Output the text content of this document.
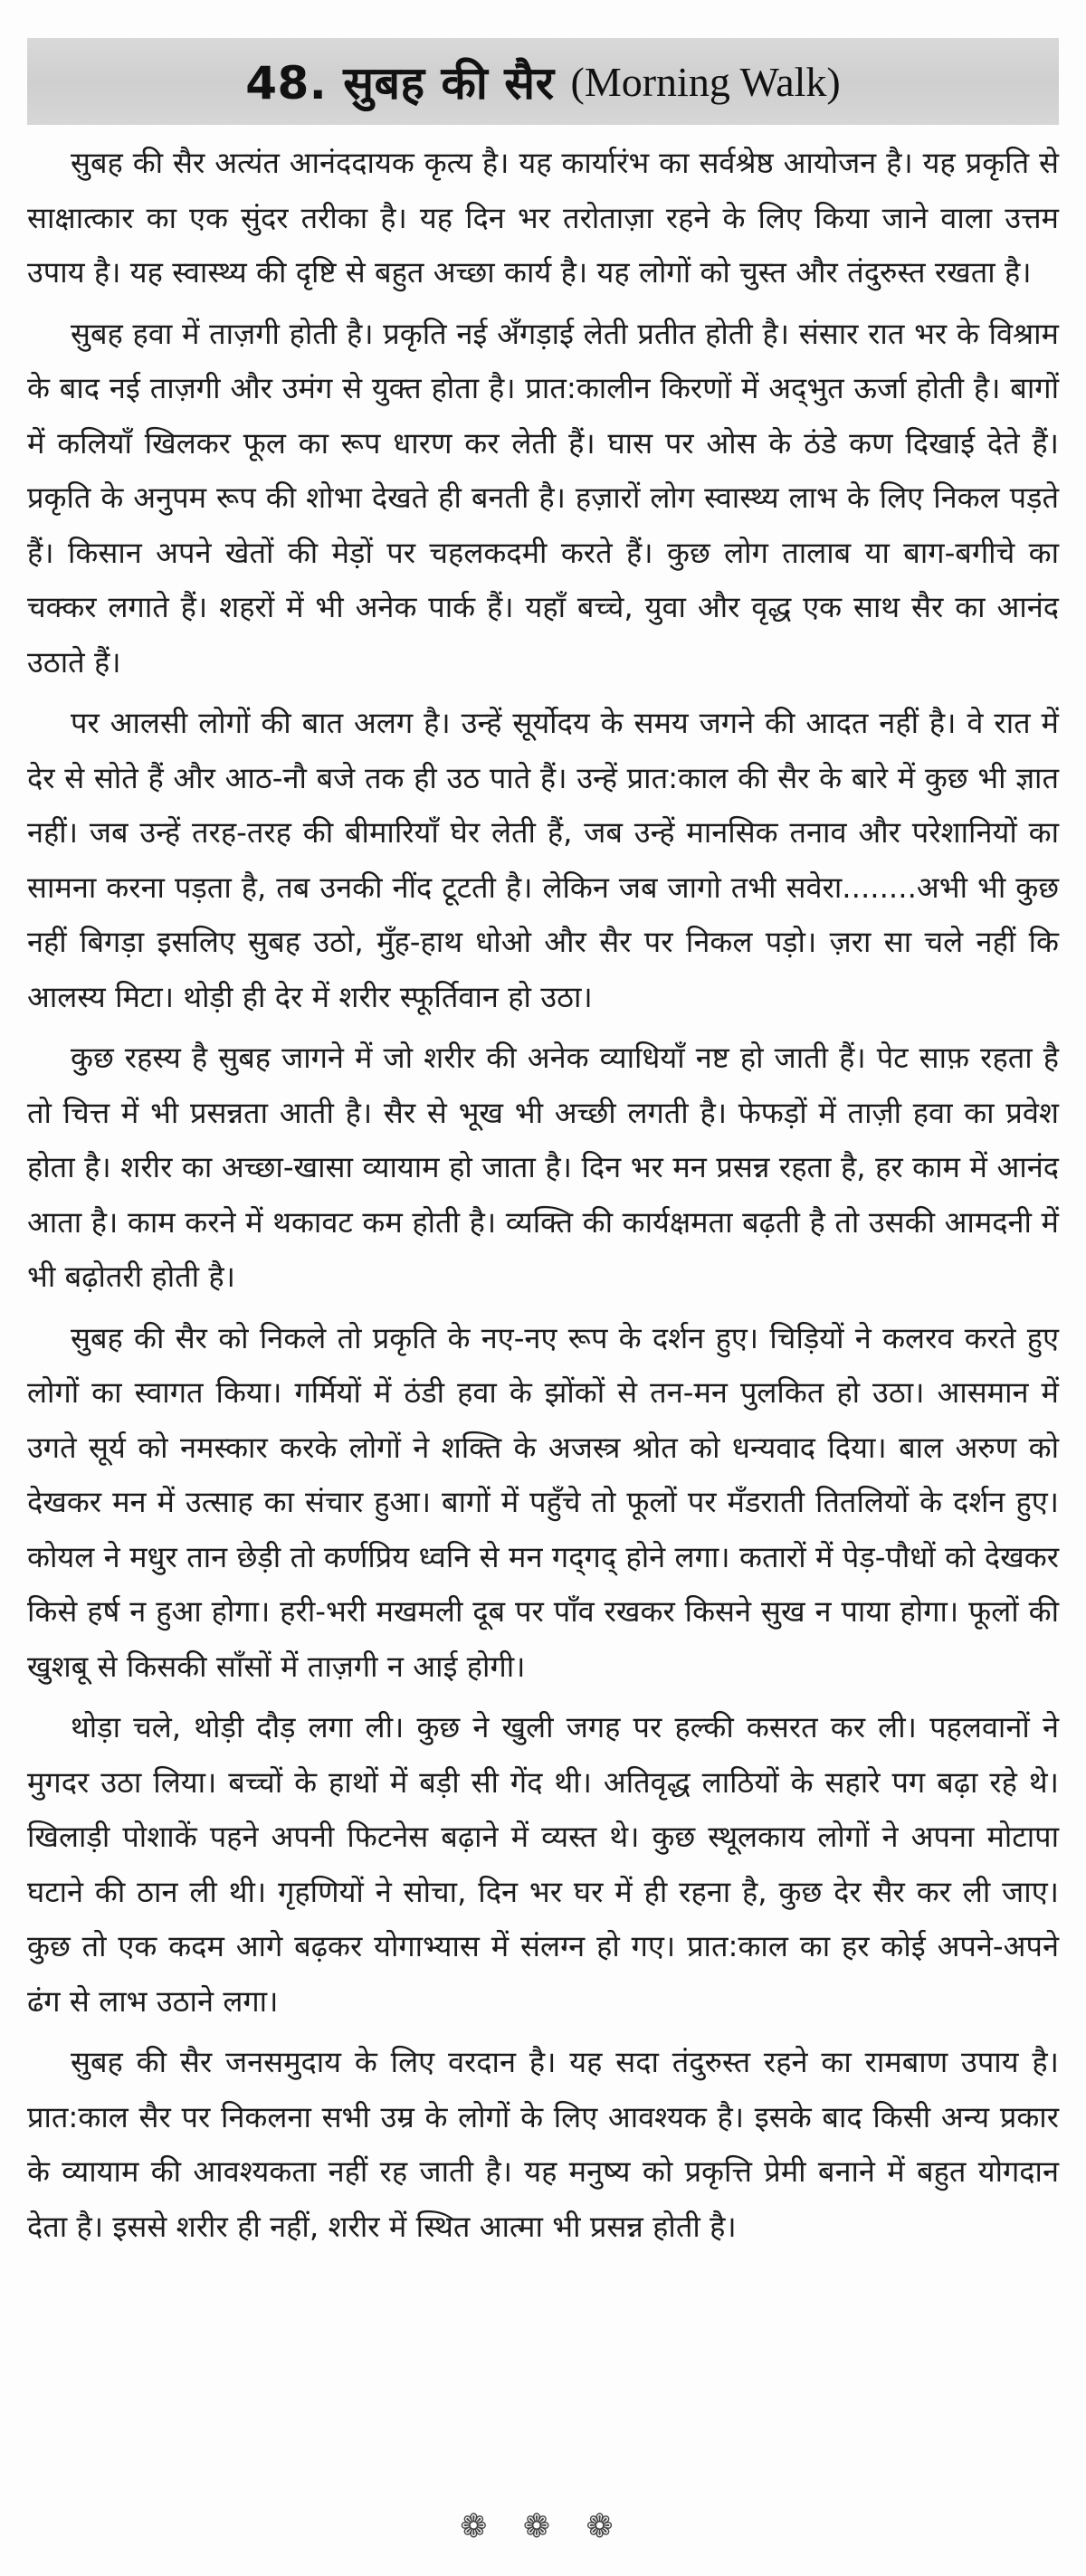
48. सुबह की सैर (Morning Walk)

सुबह की सैर अत्यंत आनंददायक कृत्य है। यह कार्यारंभ का सर्वश्रेष्ठ आयोजन है। यह प्रकृति से साक्षात्कार का एक सुंदर तरीका है। यह दिन भर तरोताज़ा रहने के लिए किया जाने वाला उत्तम उपाय है। यह स्वास्थ्य की दृष्टि से बहुत अच्छा कार्य है। यह लोगों को चुस्त और तंदुरुस्त रखता है।

सुबह हवा में ताज़गी होती है। प्रकृति नई अँगड़ाई लेती प्रतीत होती है। संसार रात भर के विश्राम के बाद नई ताज़गी और उमंग से युक्त होता है। प्रात:कालीन किरणों में अद्‌भुत ऊर्जा होती है। बागों में कलियाँ खिलकर फूल का रूप धारण कर लेती हैं। घास पर ओस के ठंडे कण दिखाई देते हैं। प्रकृति के अनुपम रूप की शोभा देखते ही बनती है। हज़ारों लोग स्वास्थ्य लाभ के लिए निकल पड़ते हैं। किसान अपने खेतों की मेड़ों पर चहलकदमी करते हैं। कुछ लोग तालाब या बाग-बगीचे का चक्कर लगाते हैं। शहरों में भी अनेक पार्क हैं। यहाँ बच्चे, युवा और वृद्ध एक साथ सैर का आनंद उठाते हैं।

पर आलसी लोगों की बात अलग है। उन्हें सूर्योदय के समय जगने की आदत नहीं है। वे रात में देर से सोते हैं और आठ-नौ बजे तक ही उठ पाते हैं। उन्हें प्रात:काल की सैर के बारे में कुछ भी ज्ञात नहीं। जब उन्हें तरह-तरह की बीमारियाँ घेर लेती हैं, जब उन्हें मानसिक तनाव और परेशानियों का सामना करना पड़ता है, तब उनकी नींद टूटती है। लेकिन जब जागो तभी सवेरा........अभी भी कुछ नहीं बिगड़ा इसलिए सुबह उठो, मुँह-हाथ धोओ और सैर पर निकल पड़ो। ज़रा सा चले नहीं कि आलस्य मिटा। थोड़ी ही देर में शरीर स्फूर्तिवान हो उठा।

कुछ रहस्य है सुबह जागने में जो शरीर की अनेक व्याधियाँ नष्ट हो जाती हैं। पेट साफ़ रहता है तो चित्त में भी प्रसन्नता आती है। सैर से भूख भी अच्छी लगती है। फेफड़ों में ताज़ी हवा का प्रवेश होता है। शरीर का अच्छा-खासा व्यायाम हो जाता है। दिन भर मन प्रसन्न रहता है, हर काम में आनंद आता है। काम करने में थकावट कम होती है। व्यक्ति की कार्यक्षमता बढ़ती है तो उसकी आमदनी में भी बढ़ोतरी होती है।

सुबह की सैर को निकले तो प्रकृति के नए-नए रूप के दर्शन हुए। चिड़ियों ने कलरव करते हुए लोगों का स्वागत किया। गर्मियों में ठंडी हवा के झोंकों से तन-मन पुलकित हो उठा। आसमान में उगते सूर्य को नमस्कार करके लोगों ने शक्ति के अजस्त्र श्रोत को धन्यवाद दिया। बाल अरुण को देखकर मन में उत्साह का संचार हुआ। बागों में पहुँचे तो फूलों पर मँडराती तितलियों के दर्शन हुए। कोयल ने मधुर तान छेड़ी तो कर्णप्रिय ध्वनि से मन गद्‌गद्‌ होने लगा। कतारों में पेड़-पौधों को देखकर किसे हर्ष न हुआ होगा। हरी-भरी मखमली दूब पर पाँव रखकर किसने सुख न पाया होगा। फूलों की खुशबू से किसकी साँसों में ताज़गी न आई होगी।

थोड़ा चले, थोड़ी दौड़ लगा ली। कुछ ने खुली जगह पर हल्की कसरत कर ली। पहलवानों ने मुगदर उठा लिया। बच्चों के हाथों में बड़ी सी गेंद थी। अतिवृद्ध लाठियों के सहारे पग बढ़ा रहे थे। खिलाड़ी पोशाकें पहने अपनी फिटनेस बढ़ाने में व्यस्त थे। कुछ स्थूलकाय लोगों ने अपना मोटापा घटाने की ठान ली थी। गृहणियों ने सोचा, दिन भर घर में ही रहना है, कुछ देर सैर कर ली जाए। कुछ तो एक कदम आगे बढ़कर योगाभ्यास में संलग्न हो गए। प्रात:काल का हर कोई अपने-अपने ढंग से लाभ उठाने लगा।

सुबह की सैर जनसमुदाय के लिए वरदान है। यह सदा तंदुरुस्त रहने का रामबाण उपाय है। प्रात:काल सैर पर निकलना सभी उम्र के लोगों के लिए आवश्यक है। इसके बाद किसी अन्य प्रकार के व्यायाम की आवश्यकता नहीं रह जाती है। यह मनुष्य को प्रकृत्ति प्रेमी बनाने में बहुत योगदान देता है। इससे शरीर ही नहीं, शरीर में स्थित आत्मा भी प्रसन्न होती है।

❁ ❁ ❁
